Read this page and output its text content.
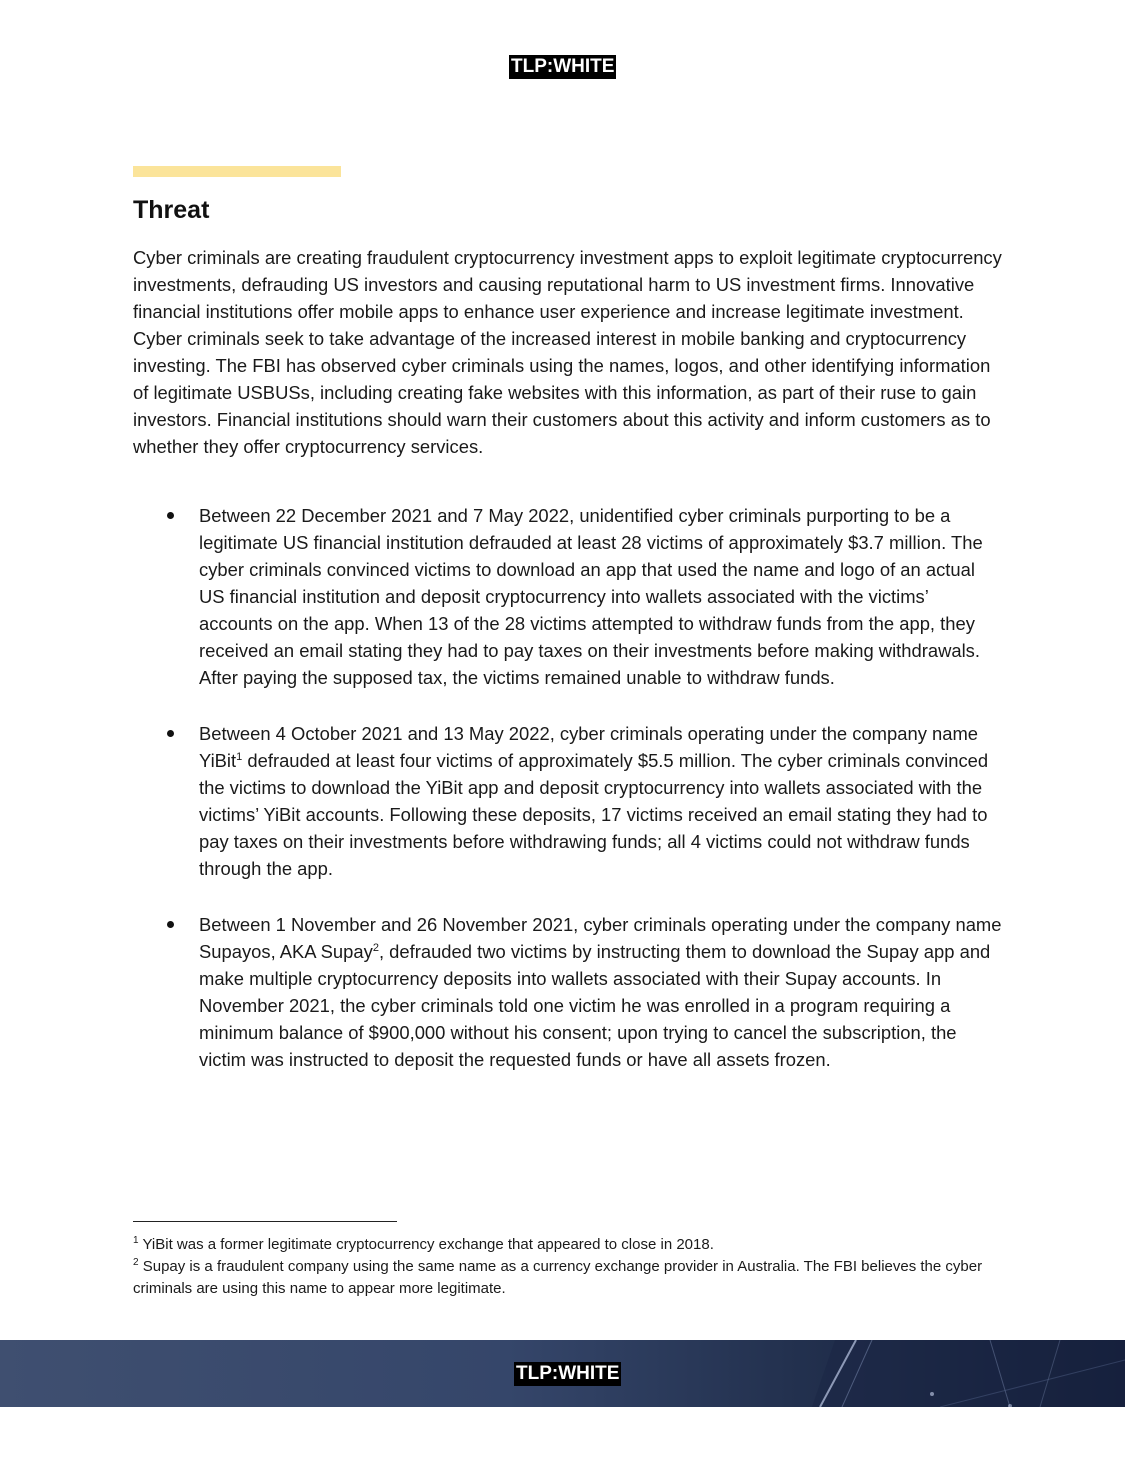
TLP:WHITE
Threat

Cyber criminals are creating fraudulent cryptocurrency investment apps to exploit legitimate cryptocurrency investments, defrauding US investors and causing reputational harm to US investment firms. Innovative financial institutions offer mobile apps to enhance user experience and increase legitimate investment. Cyber criminals seek to take advantage of the increased interest in mobile banking and cryptocurrency investing. The FBI has observed cyber criminals using the names, logos, and other identifying information of legitimate USBUSs, including creating fake websites with this information, as part of their ruse to gain investors. Financial institutions should warn their customers about this activity and inform customers as to whether they offer cryptocurrency services.

Between 22 December 2021 and 7 May 2022, unidentified cyber criminals purporting to be a legitimate US financial institution defrauded at least 28 victims of approximately $3.7 million. The cyber criminals convinced victims to download an app that used the name and logo of an actual US financial institution and deposit cryptocurrency into wallets associated with the victims’ accounts on the app. When 13 of the 28 victims attempted to withdraw funds from the app, they received an email stating they had to pay taxes on their investments before making withdrawals. After paying the supposed tax, the victims remained unable to withdraw funds.
Between 4 October 2021 and 13 May 2022, cyber criminals operating under the company name YiBit$^1$ defrauded at least four victims of approximately $5.5 million. The cyber criminals convinced the victims to download the YiBit app and deposit cryptocurrency into wallets associated with the victims’ YiBit accounts. Following these deposits, 17 victims received an email stating they had to pay taxes on their investments before withdrawing funds; all 4 victims could not withdraw funds through the app.
Between 1 November and 26 November 2021, cyber criminals operating under the company name Supayos, AKA Supay$^2$, defrauded two victims by instructing them to download the Supay app and make multiple cryptocurrency deposits into wallets associated with their Supay accounts. In November 2021, the cyber criminals told one victim he was enrolled in a program requiring a minimum balance of $900,000 without his consent; upon trying to cancel the subscription, the victim was instructed to deposit the requested funds or have all assets frozen.

$^1$ YiBit was a former legitimate cryptocurrency exchange that appeared to close in 2018.

$^2$ Supay is a fraudulent company using the same name as a currency exchange provider in Australia. The FBI believes the cyber criminals are using this name to appear more legitimate.

TLP:WHITE
